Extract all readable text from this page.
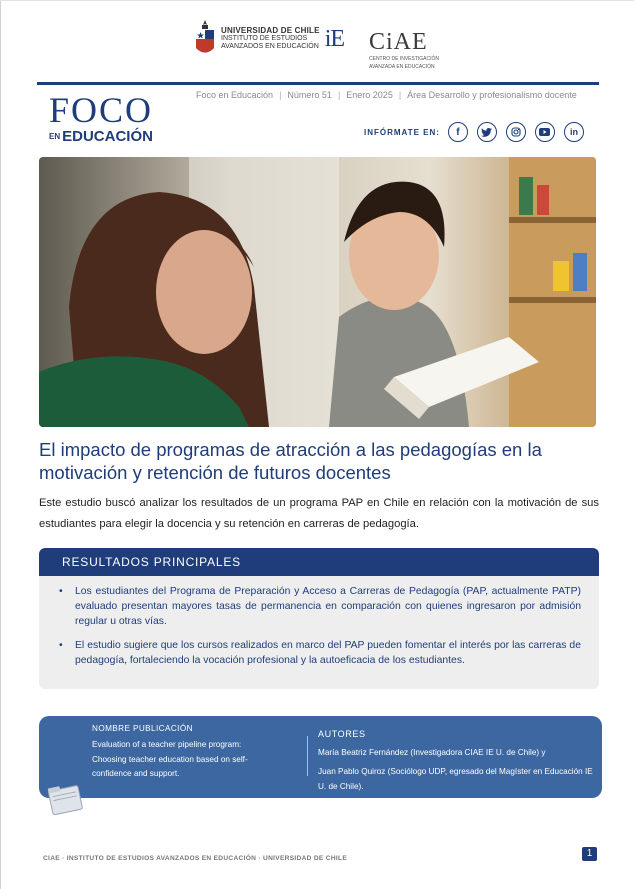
UNIVERSIDAD DE CHILE
INSTITUTO DE ESTUDIOS
AVANZADOS EN EDUCACIÓN iE CiAE
CENTRO DE INVESTIGACIÓN
AVANZADA EN EDUCACIÓN
FOCO
EN EDUCACIÓN
Foco en Educación | Número 51 | Enero 2025 | Área Desarrollo y profesionalismo docente
INFÓRMATE EN: f	in
El impacto de programas de atracción a las pedagogías en la motivación y retención de futuros docentes
Este estudio buscó analizar los resultados de un programa PAP en Chile en relación con la motivación de sus estudiantes para elegir la docencia y su retención en carreras de pedagogía.
RESULTADOS PRINCIPALES
• Los estudiantes del Programa de Preparación y Acceso a Carreras de Pedagogía (PAP, actualmente PATP) evaluado presentan mayores tasas de permanencia en comparación con quienes ingresaron por admisión regular u otras vías.
• El estudio sugiere que los cursos realizados en marco del PAP pueden fomentar el interés por las carreras de pedagogía, fortaleciendo la vocación profesional y la autoeficacia de los estudiantes.
NOMBRE PUBLICACIÓN
Evaluation of a teacher pipeline program: Choosing teacher education based on self-confidence and support.
AUTORES
María Beatriz Fernández (Investigadora CIAE IE U. de Chile) y
Juan Pablo Quiroz (Sociólogo UDP, egresado del Magíster en Educación IE U. de Chile).
CIAE · INSTITUTO DE ESTUDIOS AVANZADOS EN EDUCACIÓN · UNIVERSIDAD DE CHILE	1
